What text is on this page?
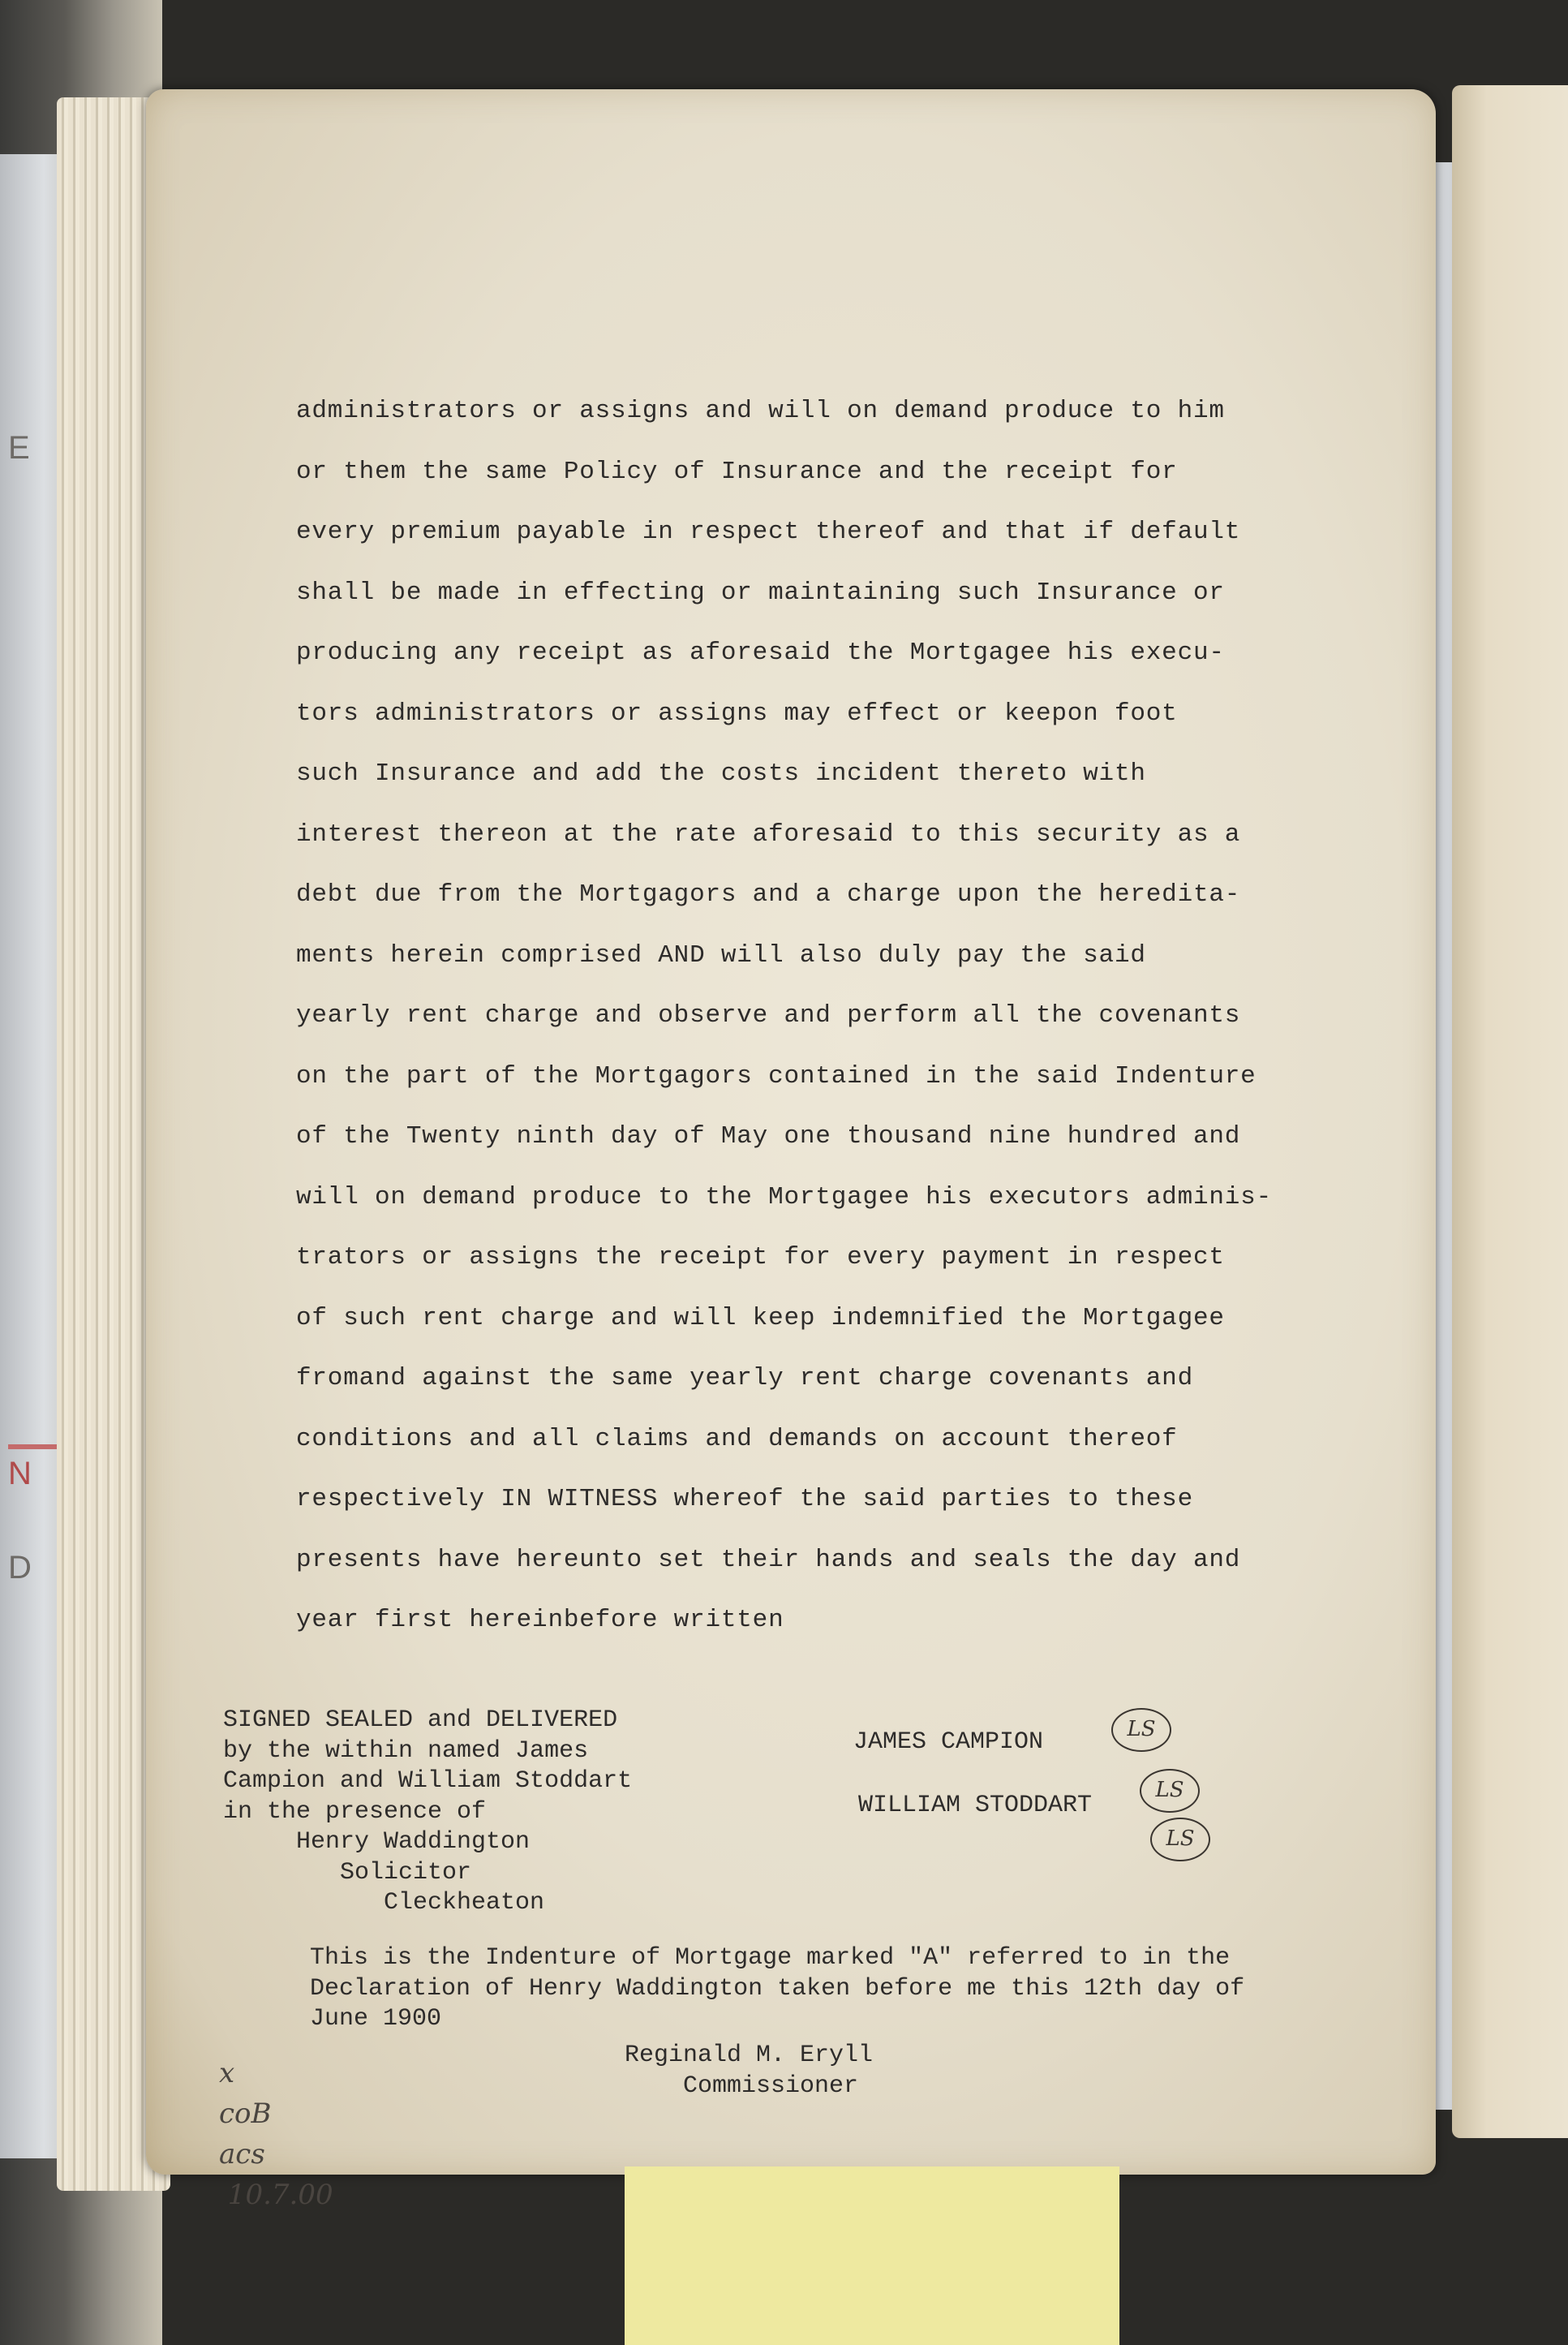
E
N
D
administrators or assigns and will on demand produce to him
or them the same Policy of Insurance and the receipt for
every premium payable in respect thereof and that if default
shall be made in effecting or maintaining such Insurance or
producing any receipt as aforesaid the Mortgagee his execu-
tors administrators or assigns may effect or keepon foot
such Insurance and add the costs incident thereto with
interest thereon at the rate aforesaid to this security as a
debt due from the Mortgagors and a charge upon the heredita-
ments herein comprised AND will also duly pay the said
yearly rent charge and observe and perform all the covenants
on the part of the Mortgagors contained in the said Indenture
of the Twenty ninth day of May one thousand nine hundred and
will on demand produce to the Mortgagee his executors adminis-
trators or assigns the receipt for every payment in respect
of such rent charge and will keep indemnified the Mortgagee
fromand against the same yearly rent charge covenants and
conditions and all claims and demands on account thereof
respectively IN WITNESS whereof the said parties to these
presents have hereunto set their hands and seals the day and
year first hereinbefore written
SIGNED SEALED and DELIVERED
by the within named James
Campion and William Stoddart
in the presence of
Henry Waddington
Solicitor
Cleckheaton
JAMES CAMPION
WILLIAM STODDART
LS
LS
LS
This is the Indenture of Mortgage marked "A" referred to in the
Declaration of Henry Waddington taken before me this 12th day of
June 1900
Reginald M. Eryll
Commissioner
x
coB
acs
10.7.00
